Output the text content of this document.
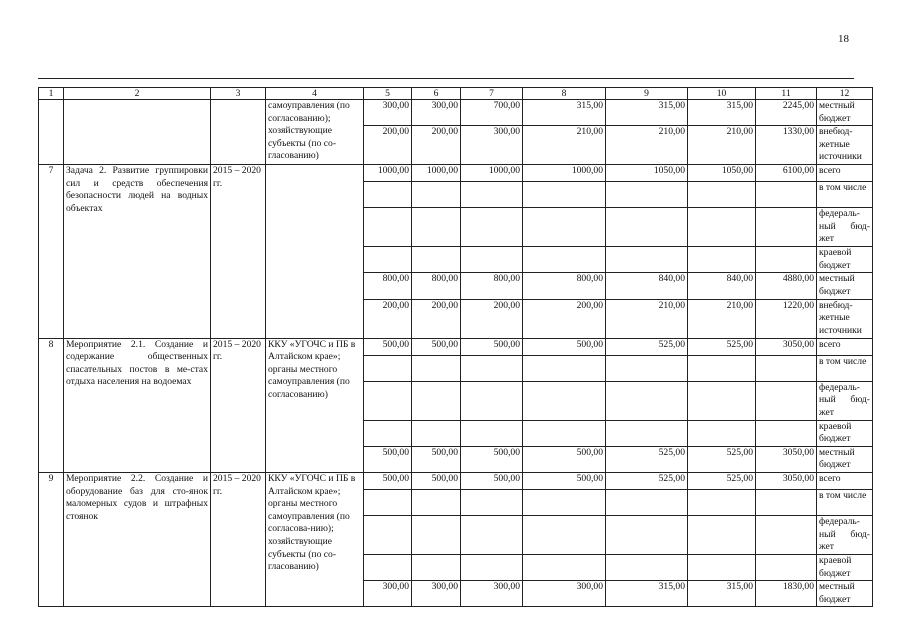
18
1	2	3	4	5	6	7	8	9	10	11	12
			самоуправления (по согласованию); хозяйствующие субъекты (по со-гласованию)	300,00	300,00	700,00	315,00	315,00	315,00	2245,00	местный бюджет
				200,00	200,00	300,00	210,00	210,00	210,00	1330,00	внебюд-жетные источники
7	Задача 2. Развитие группировки сил и средств обеспечения безопасности людей на водных объектах	2015 – 2020 гг.		1000,00	1000,00	1000,00	1000,00	1050,00	1050,00	6100,00	всего
											в том числе
											федераль-ный бюд-жет
											краевой бюджет
				800,00	800,00	800,00	800,00	840,00	840,00	4880,00	местный бюджет
				200,00	200,00	200,00	200,00	210,00	210,00	1220,00	внебюд-жетные источники
8	Мероприятие 2.1. Создание и содержание общественных спасательных постов в ме-стах отдыха населения на водоемах	2015 – 2020 гг.	ККУ «УГОЧС и ПБ в Алтайском крае»; органы местного самоуправления (по согласованию)	500,00	500,00	500,00	500,00	525,00	525,00	3050,00	всего
											в том числе
											федераль-ный бюд-жет
											краевой бюджет
				500,00	500,00	500,00	500,00	525,00	525,00	3050,00	местный бюджет
9	Мероприятие 2.2. Создание и оборудование баз для сто-янок маломерных судов и штрафных стоянок	2015 – 2020 гг.	ККУ «УГОЧС и ПБ в Алтайском крае»; органы местного самоуправления (по согласова-нию); хозяйствующие субъекты (по со-гласованию)	500,00	500,00	500,00	500,00	525,00	525,00	3050,00	всего
											в том числе
											федераль-ный бюд-жет
											краевой бюджет
				300,00	300,00	300,00	300,00	315,00	315,00	1830,00	местный бюджет
